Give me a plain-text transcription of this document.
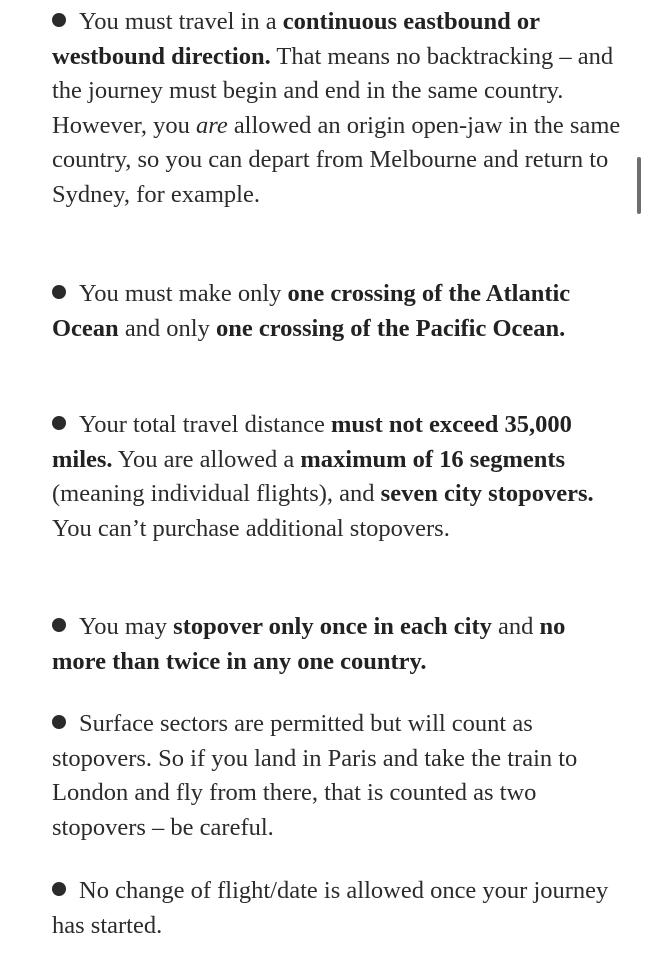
You must travel in a continuous eastbound or westbound direction. That means no backtracking – and the journey must begin and end in the same country. However, you are allowed an origin open-jaw in the same country, so you can depart from Melbourne and return to Sydney, for example.

You must make only one crossing of the Atlantic Ocean and only one crossing of the Pacific Ocean.

Your total travel distance must not exceed 35,000 miles. You are allowed a maximum of 16 segments (meaning individual flights), and seven city stopovers. You can’t purchase additional stopovers.

You may stopover only once in each city and no more than twice in any one country.

Surface sectors are permitted but will count as stopovers. So if you land in Paris and take the train to London and fly from there, that is counted as two stopovers – be careful.

No change of flight/date is allowed once your journey has started.
